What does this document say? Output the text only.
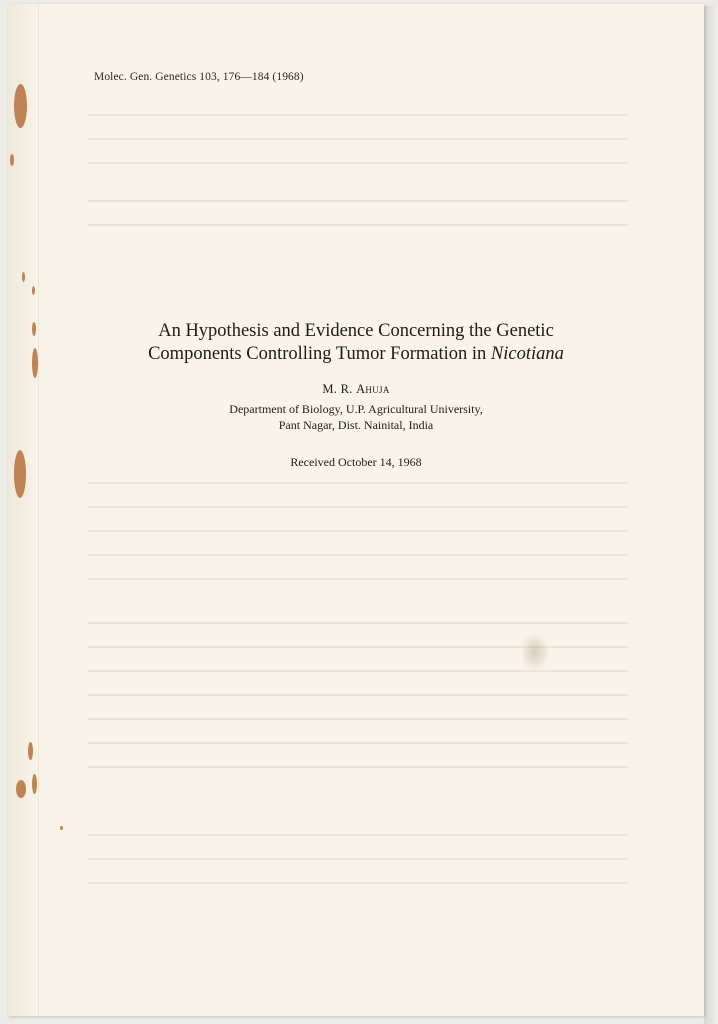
Molec. Gen. Genetics 103, 176—184 (1968)
An Hypothesis and Evidence Concerning the Genetic
Components Controlling Tumor Formation in Nicotiana
M. R. Ahuja
Department of Biology, U.P. Agricultural University,
Pant Nagar, Dist. Nainital, India
Received October 14, 1968
